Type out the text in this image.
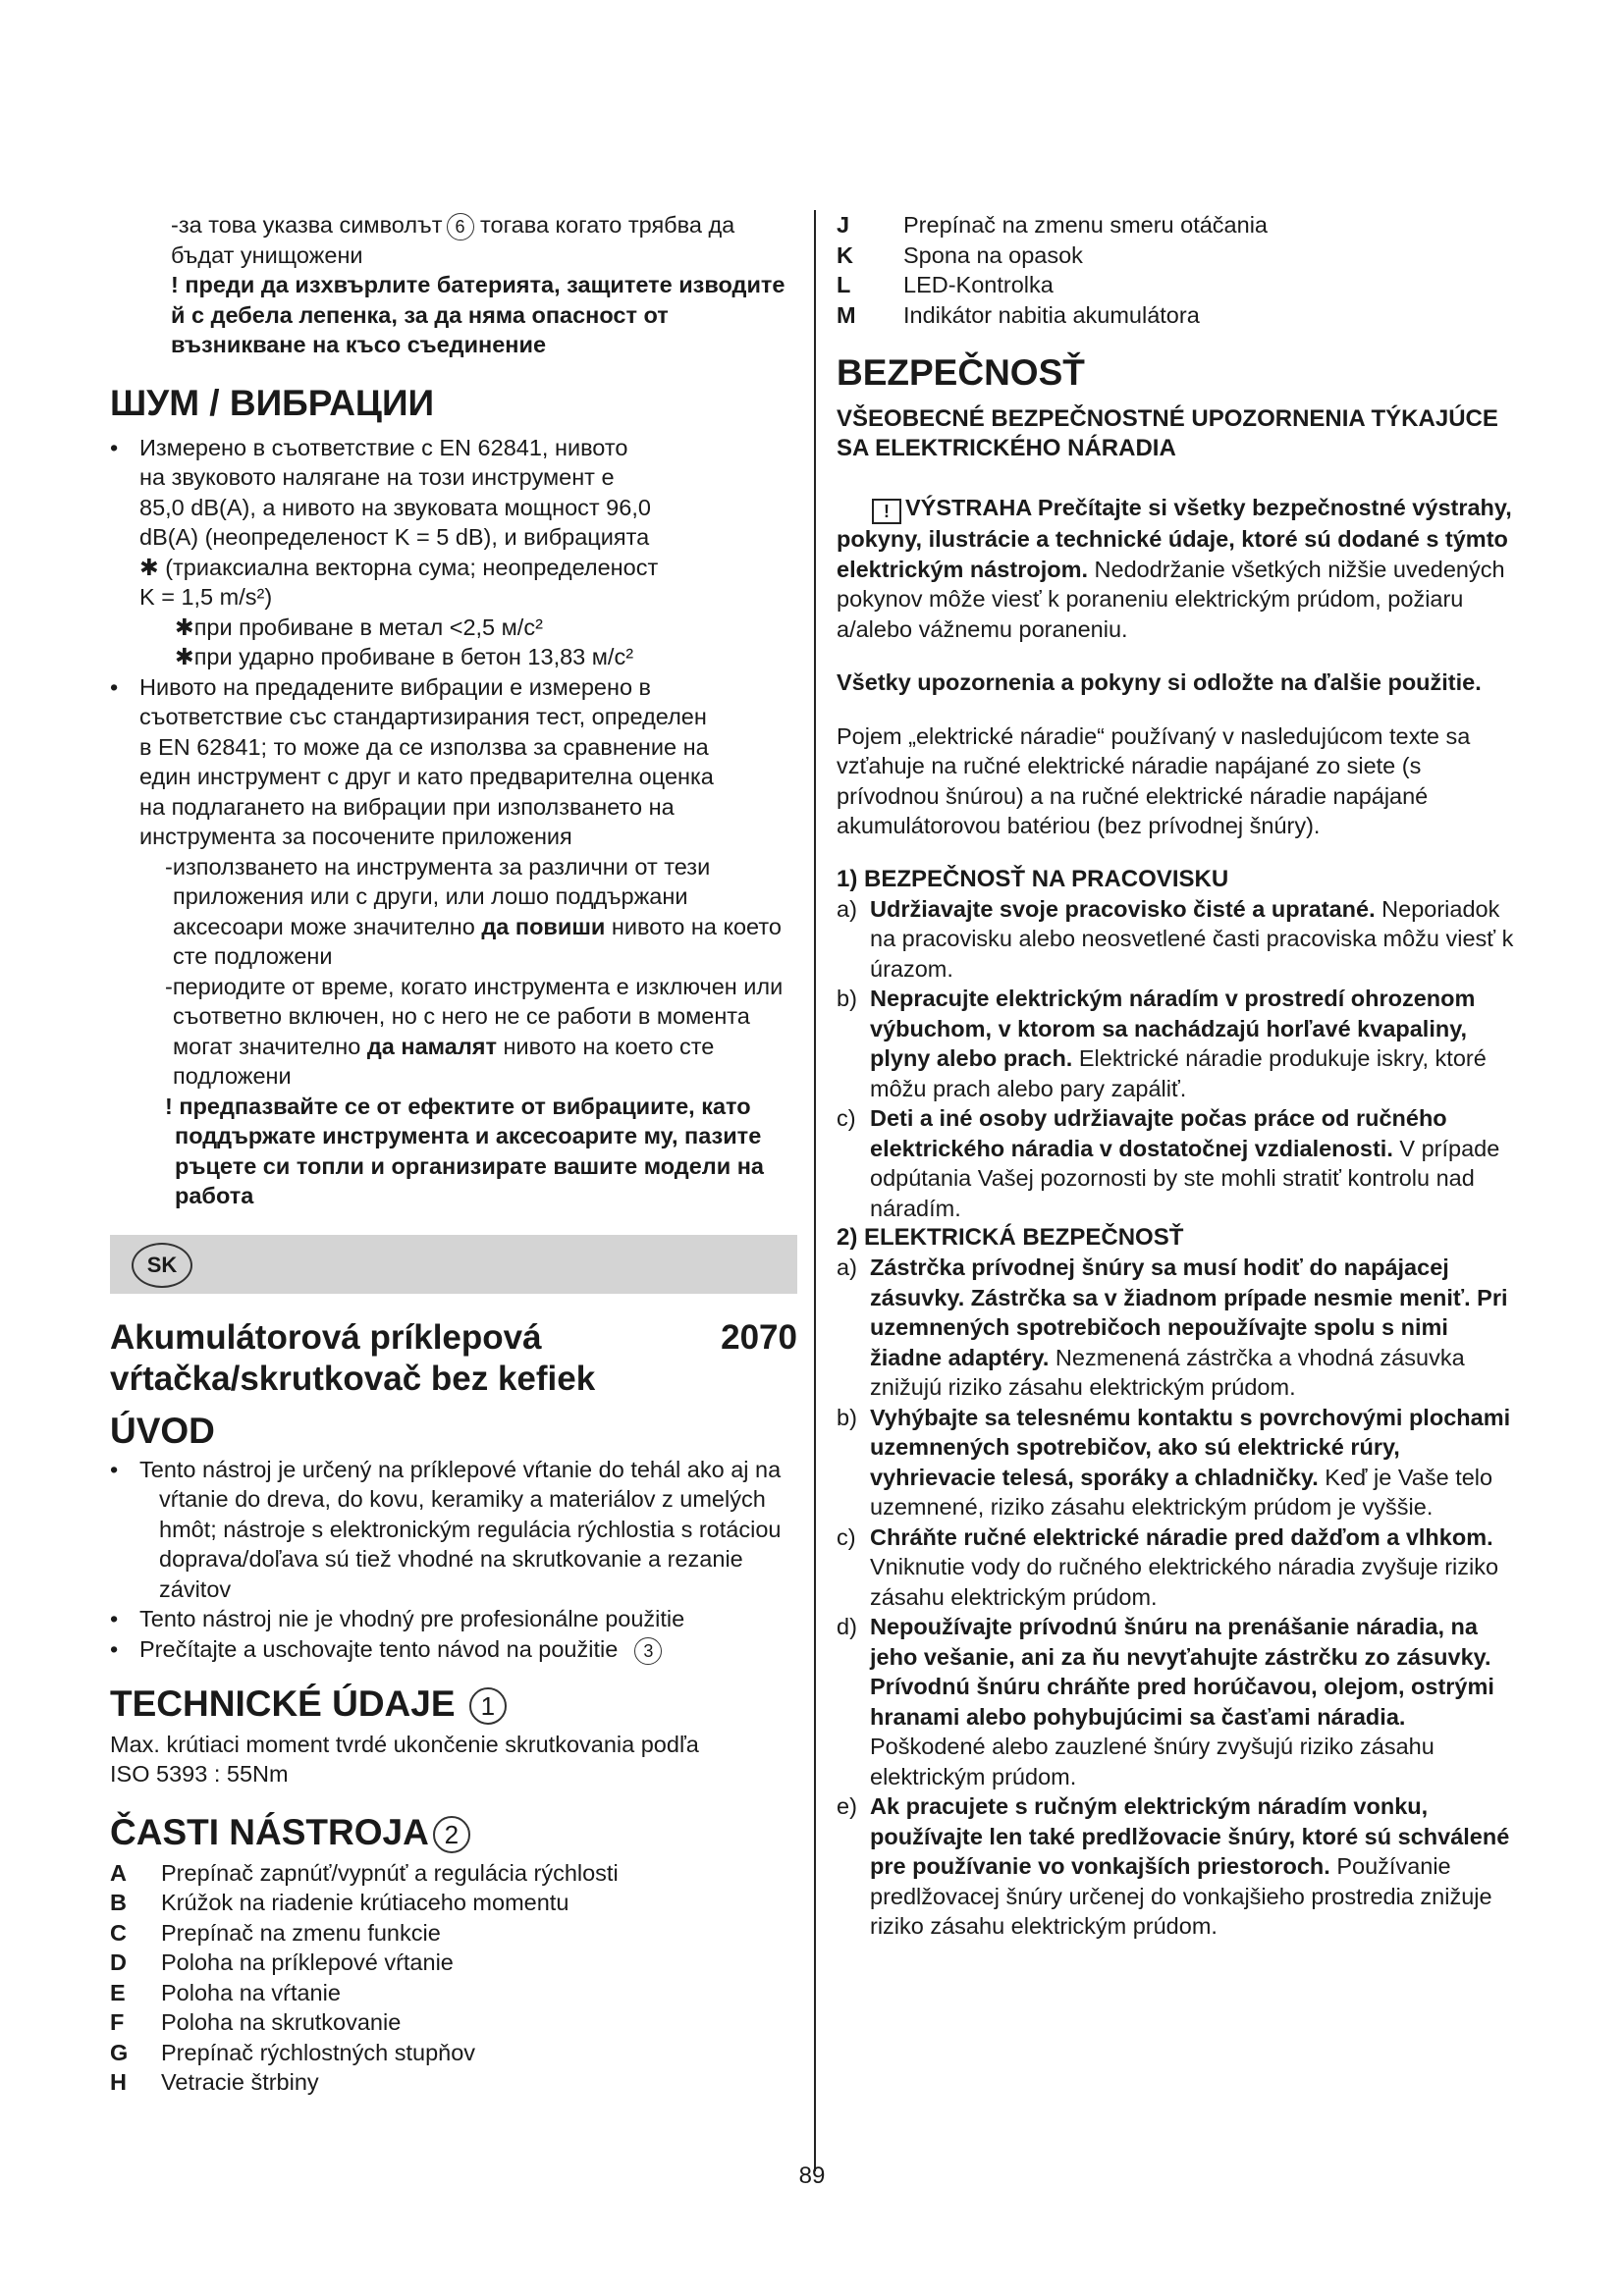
-за това указва символът 6 тогава когато трябва да
бъдат унищожени

! преди да изхвърлите батерията, защитете изводите й с дебела лепенка, за да няма опасност от възникване на късо съединение

ШУМ / ВИБРАЦИИ
• Измерено в съответствие с EN 62841, нивото
на звуковото налягане на този инструмент е
85,0 dB(A), а нивото на звуковата мощност 96,0
dB(A) (неопределеност K = 5 dB), и вибрацията
✱ (триаксиална векторна сума; неопределеност
K = 1,5 m/s²)

✱при пробиване в метал <2,5 м/с²

✱при ударно пробиване в бетон 13,83 м/с²

• Нивото на предадените вибрации е измерено в
съответствие със стандартизирания тест, определен
в EN 62841; то може да се използва за сравнение на
един инструмент с друг и като предварителна оценка
на подлагането на вибрации при използването на
инструмента за посочените приложения

-използването на инструмента за различни от тези приложения или с други, или лошо поддържани аксесоари може значително да повиши нивото на което сте подложени

-периодите от време, когато инструмента е изключен или съответно включен, но с него не се работи в момента могат значително да намалят нивото на което сте подложени

! предпазвайте се от ефектите от вибрациите, като поддържате инструмента и аксесоарите му, пазите ръцете си топли и организирате вашите модели на работа

SK
Akumulátorová príklepová
vŕtačka/skrutkovač bez kefiek
2070
ÚVOD
• Tento nástroj je určený na príklepové vŕtanie do tehál ako aj na vŕtanie do dreva, do kovu, keramiky a materiálov z umelých hmôt; nástroje s elektronickým reguláciа rýchlostia s rotáciou doprava/doľava sú tiež vhodné na skrutkovanie a rezanie závitov

• Tento nástroj nie je vhodný pre profesionálne použitie

• Prečítajte a uschovajte tento návod na použitie 3

TECHNICKÉ ÚDAJE 1

Max. krútiaci moment tvrdé ukončenie skrutkovania podľa
ISO 5393 : 55Nm

ČASTI NÁSTROJA 2
A	Prepínač zapnúť/vypnúť a regulácia rýchlosti
B	Krúžok na riadenie krútiaceho momentu
C	Prepínač na zmenu funkcie
D	Poloha na príklepové vŕtanie
E	Poloha na vŕtanie
F	Poloha na skrutkovanie
G	Prepínač rýchlostných stupňov
H	Vetracie štrbiny
J	Prepínač na zmenu smeru otáčania
K	Spona na opasok
L	LED-Kontrolka
M	Indikátor nabitia akumulátora
BEZPEČNOSŤ

VŠEOBECNÉ BEZPEČNOSTNÉ UPOZORNENIA TÝKAJÚCE SA ELEKTRICKÉHO NÁRADIA

! VÝSTRAHA Prečítajte si všetky bezpečnostné výstrahy, pokyny, ilustrácie a technické údaje, ktoré sú dodané s týmto elektrickým nástrojom. Nedodržanie všetkých nižšie uvedených pokynov môže viesť k poraneniu elektrickým prúdom, požiaru a/alebo vážnemu poraneniu.

Všetky upozornenia a pokyny si odložte na ďalšie použitie.

Pojem „elektrické náradie“ používaný v nasledujúcom texte sa vzťahuje na ručné elektrické náradie napájané zo siete (s prívodnou šnúrou) a na ručné elektrické náradie napájané akumulátorovou batériou (bez prívodnej šnúry).

1) BEZPEČNOSŤ NA PRACOVISKU

a) Udržiavajte svoje pracovisko čisté a upratané. Neporiadok na pracovisku alebo neosvetlené časti pracoviska môžu viesť k úrazom.

b) Nepracujte elektrickým náradím v prostredí ohrozenom výbuchom, v ktorom sa nachádzajú horľavé kvapaliny, plyny alebo prach. Elektrické náradie produkuje iskry, ktoré môžu prach alebo pary zapáliť.

c) Deti a iné osoby udržiavajte počas práce od ručného elektrického náradia v dostatočnej vzdialenosti. V prípade odpútania Vašej pozornosti by ste mohli stratiť kontrolu nad náradím.

2) ELEKTRICKÁ BEZPEČNOSŤ

a) Zástrčka prívodnej šnúry sa musí hodiť do napájacej zásuvky. Zástrčka sa v žiadnom prípade nesmie meniť. Pri uzemnených spotrebičoch nepoužívajte spolu s nimi žiadne adaptéry. Nezmenená zástrčka a vhodná zásuvka znižujú riziko zásahu elektrickým prúdom.

b) Vyhýbajte sa telesnému kontaktu s povrchovými plochami uzemnených spotrebičov, ako sú elektrické rúry, vyhrievacie telesá, sporáky a chladničky. Keď je Vaše telo uzemnené, riziko zásahu elektrickým prúdom je vyššie.

c) Chráňte ručné elektrické náradie pred dažďom a vlhkom. Vniknutie vody do ručného elektrického náradia zvyšuje riziko zásahu elektrickým prúdom.

d) Nepoužívajte prívodnú šnúru na prenášanie náradia, na jeho vešanie, ani za ňu nevyťahujte zástrčku zo zásuvky. Prívodnú šnúru chráňte pred horúčavou, olejom, ostrými hranami alebo pohybujúcimi sa časťami náradia. Poškodené alebo zauzlené šnúry zvyšujú riziko zásahu elektrickým prúdom.

e) Ak pracujete s ručným elektrickým náradím vonku, používajte len také predlžovacie šnúry, ktoré sú schválené pre používanie vo vonkajších priestoroch. Používanie predlžovacej šnúry určenej do vonkajšieho prostredia znižuje riziko zásahu elektrickým prúdom.

89
